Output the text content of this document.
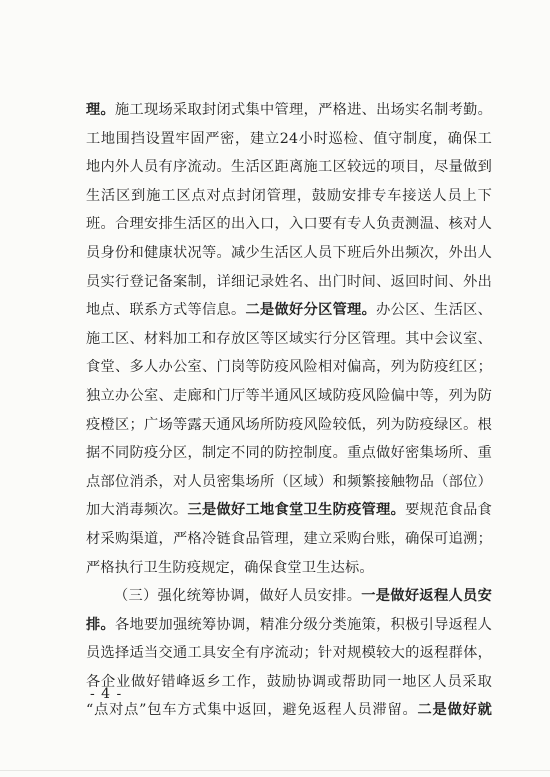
理。施工现场采取封闭式集中管理，严格进、出场实名制考勤。
工地围挡设置牢固严密，建立24小时巡检、值守制度，确保工
地内外人员有序流动。生活区距离施工区较远的项目，尽量做到
生活区到施工区点对点封闭管理，鼓励安排专车接送人员上下
班。合理安排生活区的出入口，入口要有专人负责测温、核对人
员身份和健康状况等。减少生活区人员下班后外出频次，外出人
员实行登记备案制，详细记录姓名、出门时间、返回时间、外出
地点、联系方式等信息。二是做好分区管理。办公区、生活区、
施工区、材料加工和存放区等区域实行分区管理。其中会议室、
食堂、多人办公室、门岗等防疫风险相对偏高，列为防疫红区；
独立办公室、走廊和门厅等半通风区域防疫风险偏中等，列为防
疫橙区；广场等露天通风场所防疫风险较低，列为防疫绿区。根
据不同防疫分区，制定不同的防控制度。重点做好密集场所、重
点部位消杀，对人员密集场所（区域）和频繁接触物品（部位）
加大消毒频次。三是做好工地食堂卫生防疫管理。要规范食品食
材采购渠道，严格冷链食品管理，建立采购台账，确保可追溯；
严格执行卫生防疫规定，确保食堂卫生达标。
（三）强化统筹协调，做好人员安排。一是做好返程人员安
排。各地要加强统筹协调，精准分级分类施策，积极引导返程人
员选择适当交通工具安全有序流动；针对规模较大的返程群体，
各企业做好错峰返乡工作，鼓励协调或帮助同一地区人员采取
“点对点”包车方式集中返回，避免返程人员滞留。二是做好就
- 4 -
